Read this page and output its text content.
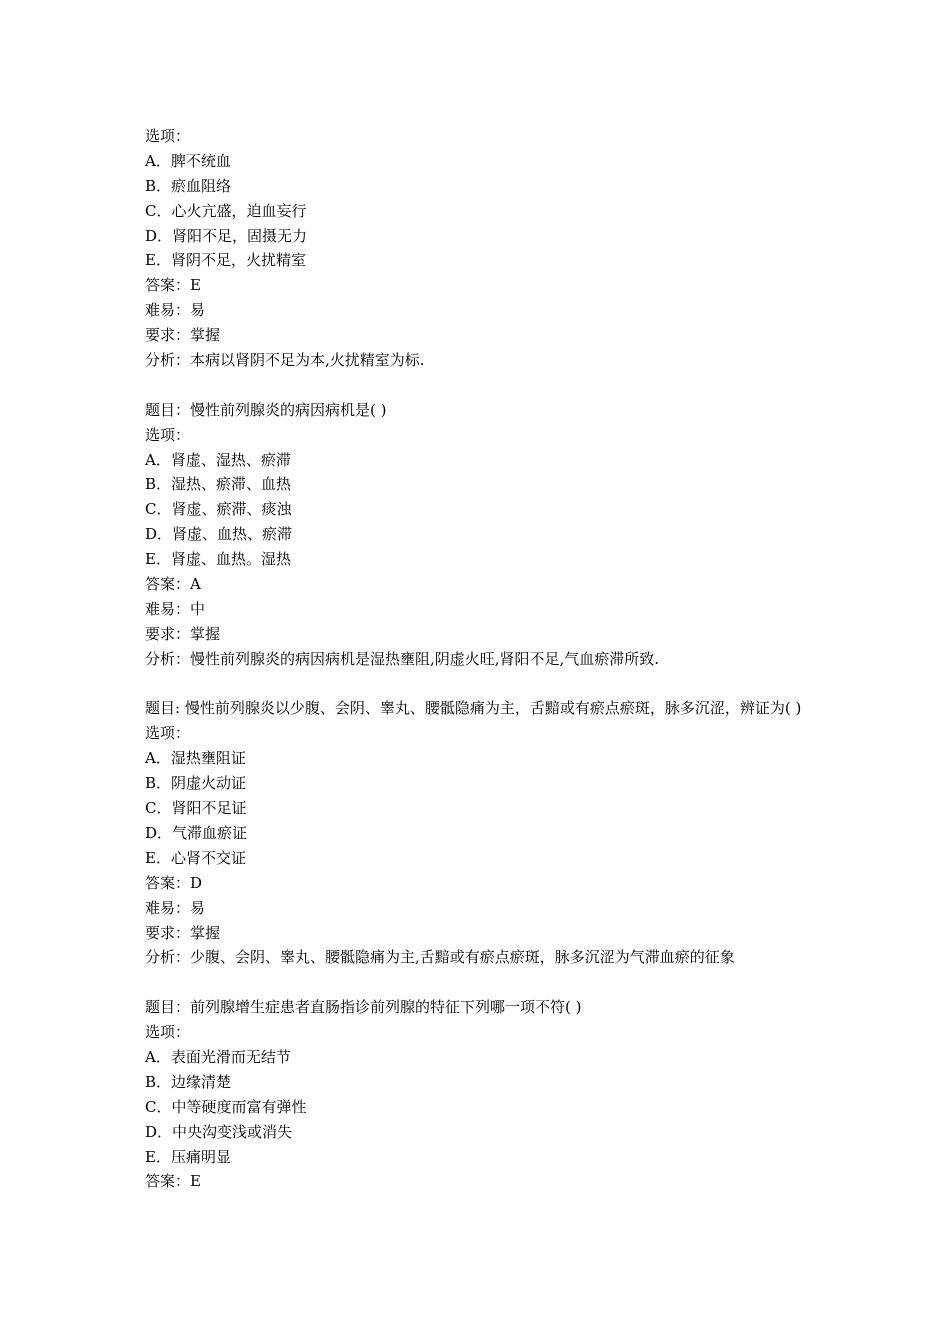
选项：
A．脾不统血
B．瘀血阻络
C．心火亢盛，迫血妄行
D．肾阳不足，固摄无力
E．肾阴不足，火扰精室
答案：E
难易：易
要求：掌握
分析：本病以肾阴不足为本,火扰精室为标.
题目：慢性前列腺炎的病因病机是( )
选项：
A．肾虚、湿热、瘀滞
B．湿热、瘀滞、血热
C．肾虚、瘀滞、痰浊
D．肾虚、血热、瘀滞
E．肾虚、血热。湿热
答案：A
难易：中
要求：掌握
分析：慢性前列腺炎的病因病机是湿热壅阻,阴虚火旺,肾阳不足,气血瘀滞所致.
题目: 慢性前列腺炎以少腹、会阴、睾丸、腰骶隐痛为主，舌黯或有瘀点瘀斑，脉多沉涩，辨证为( )
选项：
A．湿热壅阻证
B．阴虚火动证
C．肾阳不足证
D．气滞血瘀证
E．心肾不交证
答案：D
难易：易
要求：掌握
分析：少腹、会阴、睾丸、腰骶隐痛为主,舌黯或有瘀点瘀斑，脉多沉涩为气滞血瘀的征象
题目：前列腺增生症患者直肠指诊前列腺的特征下列哪一项不符( )
选项：
A．表面光滑而无结节
B．边缘清楚
C．中等硬度而富有弹性
D．中央沟变浅或消失
E．压痛明显
答案：E
